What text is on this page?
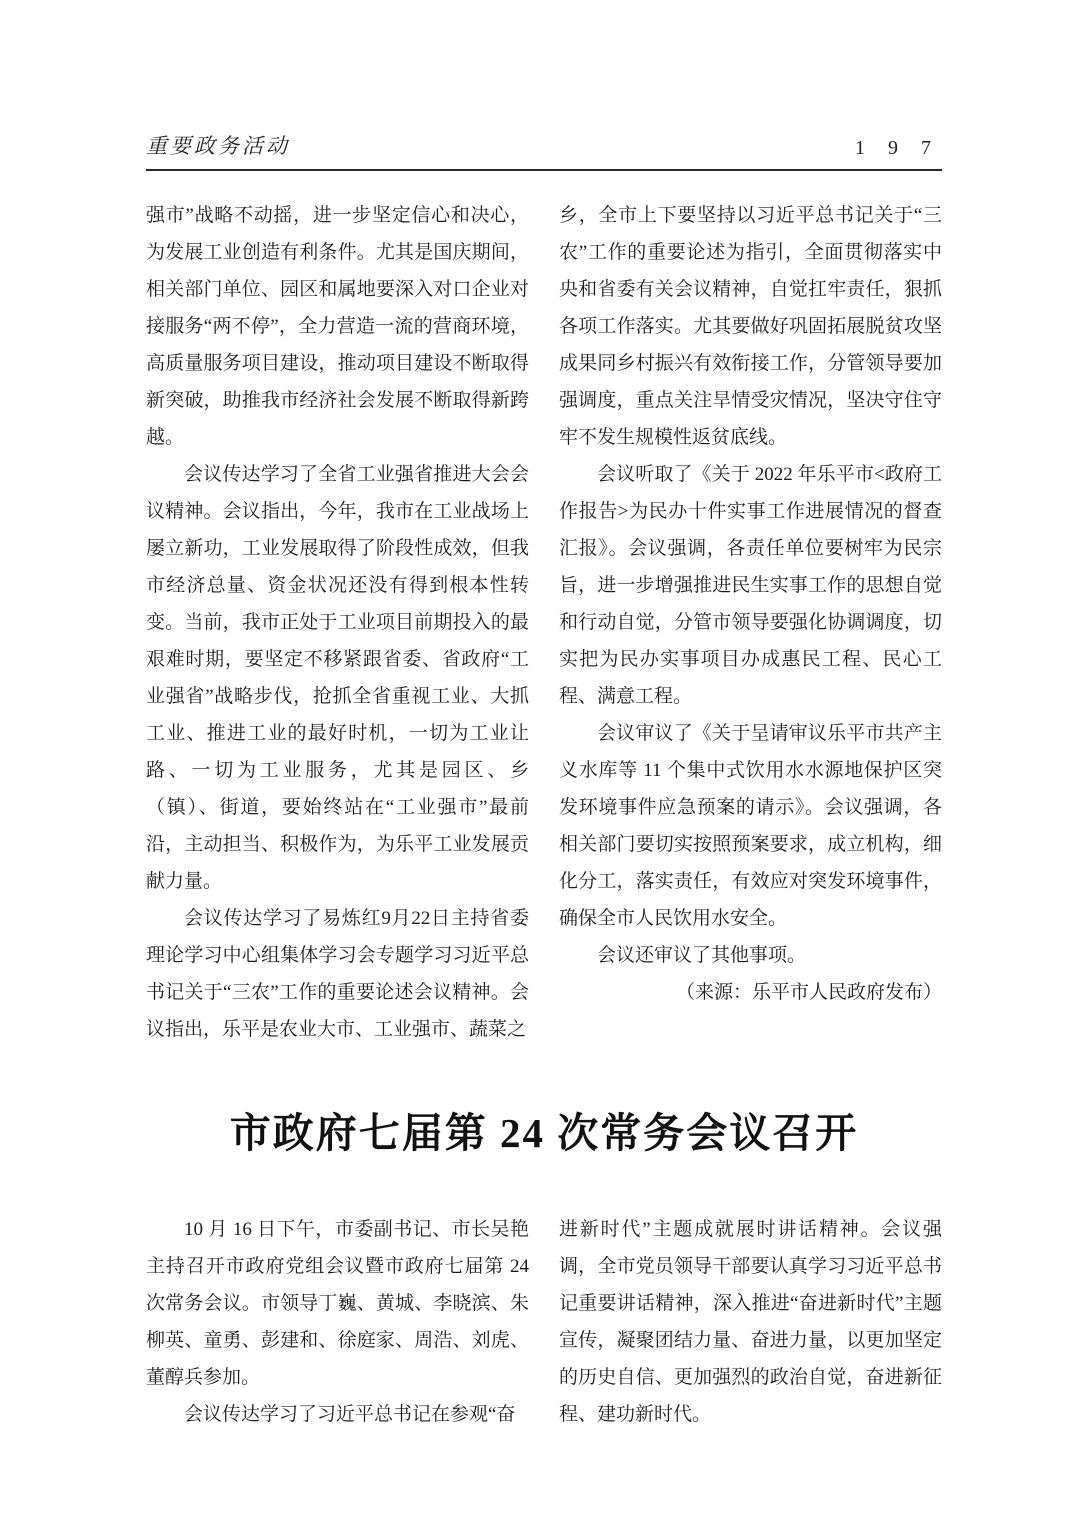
重要政务活动	1 9 7

强市”战略不动摇，进一步坚定信心和决心，为发展工业创造有利条件。尤其是国庆期间，相关部门单位、园区和属地要深入对口企业对接服务“两不停”，全力营造一流的营商环境，高质量服务项目建设，推动项目建设不断取得新突破，助推我市经济社会发展不断取得新跨越。

会议传达学习了全省工业强省推进大会会议精神。会议指出，今年，我市在工业战场上屡立新功，工业发展取得了阶段性成效，但我市经济总量、资金状况还没有得到根本性转变。当前，我市正处于工业项目前期投入的最艰难时期，要坚定不移紧跟省委、省政府“工业强省”战略步伐，抢抓全省重视工业、大抓工业、推进工业的最好时机，一切为工业让路、一切为工业服务，尤其是园区、乡（镇）、街道，要始终站在“工业强市”最前沿，主动担当、积极作为，为乐平工业发展贡献力量。

会议传达学习了易炼红9月22日主持省委理论学习中心组集体学习会专题学习习近平总书记关于“三农”工作的重要论述会议精神。会议指出，乐平是农业大市、工业强市、蔬菜之

乡，全市上下要坚持以习近平总书记关于“三农”工作的重要论述为指引，全面贯彻落实中央和省委有关会议精神，自觉扛牢责任，狠抓各项工作落实。尤其要做好巩固拓展脱贫攻坚成果同乡村振兴有效衔接工作，分管领导要加强调度，重点关注旱情受灾情况，坚决守住守牢不发生规模性返贫底线。

会议听取了《关于 2022 年乐平市<政府工作报告>为民办十件实事工作进展情况的督查汇报》。会议强调，各责任单位要树牢为民宗旨，进一步增强推进民生实事工作的思想自觉和行动自觉，分管市领导要强化协调调度，切实把为民办实事项目办成惠民工程、民心工程、满意工程。

会议审议了《关于呈请审议乐平市共产主义水库等 11 个集中式饮用水水源地保护区突发环境事件应急预案的请示》。会议强调，各相关部门要切实按照预案要求，成立机构，细化分工，落实责任，有效应对突发环境事件，确保全市人民饮用水安全。

会议还审议了其他事项。

（来源：乐平市人民政府发布）

市政府七届第 24 次常务会议召开

10 月 16 日下午，市委副书记、市长吴艳主持召开市政府党组会议暨市政府七届第 24 次常务会议。市领导丁巍、黄城、李晓滨、朱柳英、童勇、彭建和、徐庭家、周浩、刘虎、董醇兵参加。

会议传达学习了习近平总书记在参观“奋

进新时代”主题成就展时讲话精神。会议强调，全市党员领导干部要认真学习习近平总书记重要讲话精神，深入推进“奋进新时代”主题宣传，凝聚团结力量、奋进力量，以更加坚定的历史自信、更加强烈的政治自觉，奋进新征程、建功新时代。
